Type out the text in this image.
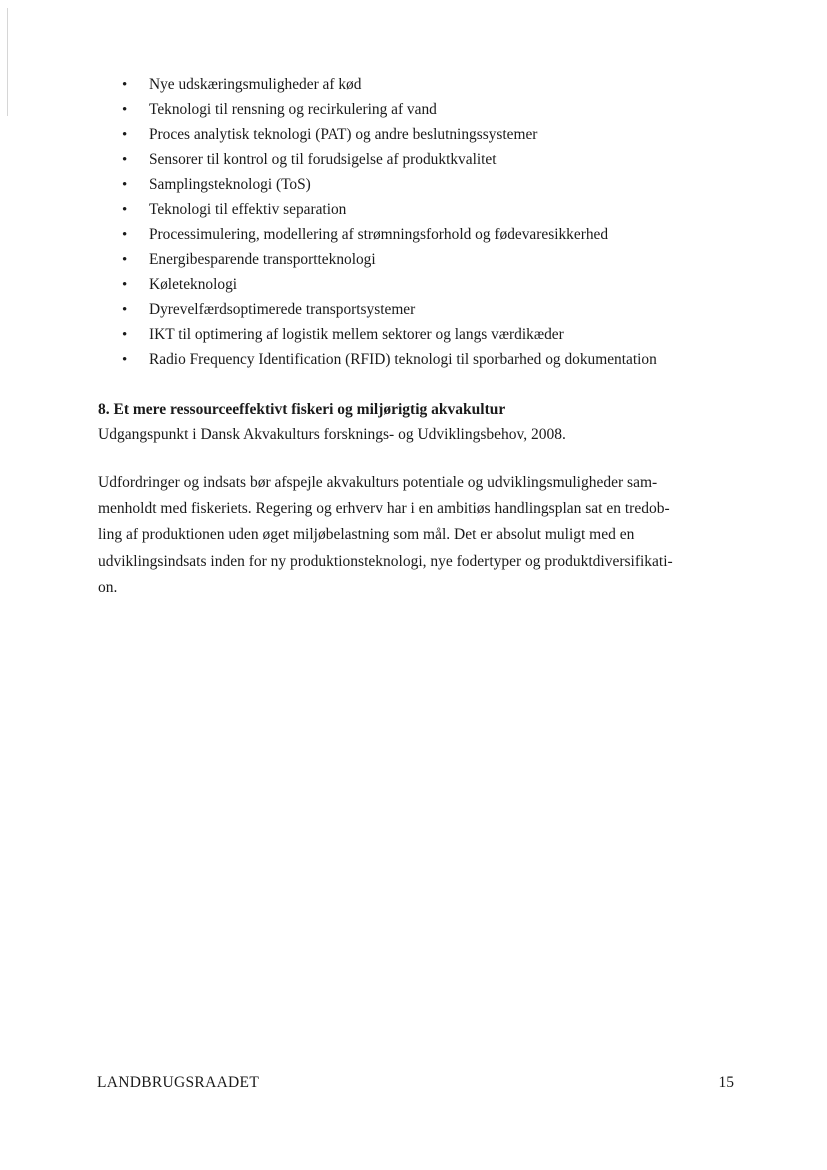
•	Nye udskæringsmuligheder af kød
•	Teknologi til rensning og recirkulering af vand
•	Proces analytisk teknologi (PAT) og andre beslutningssystemer
•	Sensorer til kontrol og til forudsigelse af produktkvalitet
•	Samplingsteknologi (ToS)
•	Teknologi til effektiv separation
•	Processimulering, modellering af strømningsforhold og fødevaresikkerhed
•	Energibesparende transportteknologi
•	Køleteknologi
•	Dyrevelfærdsoptimerede transportsystemer
•	IKT til optimering af logistik mellem sektorer og langs værdikæder
•	Radio Frequency Identification (RFID) teknologi til sporbarhed og dokumentation
8. Et mere ressourceeffektivt fiskeri og miljørigtig akvakultur

Udgangspunkt i Dansk Akvakulturs forsknings- og Udviklingsbehov, 2008.

Udfordringer og indsats bør afspejle akvakulturs potentiale og udviklingsmuligheder sam-
menholdt med fiskeriets. Regering og erhverv har i en ambitiøs handlingsplan sat en tredob-
ling af produktionen uden øget miljøbelastning som mål. Det er absolut muligt med en
udviklingsindsats inden for ny produktionsteknologi, nye fodertyper og produktdiversifikati-
on.

LANDBRUGSRAADET	15
